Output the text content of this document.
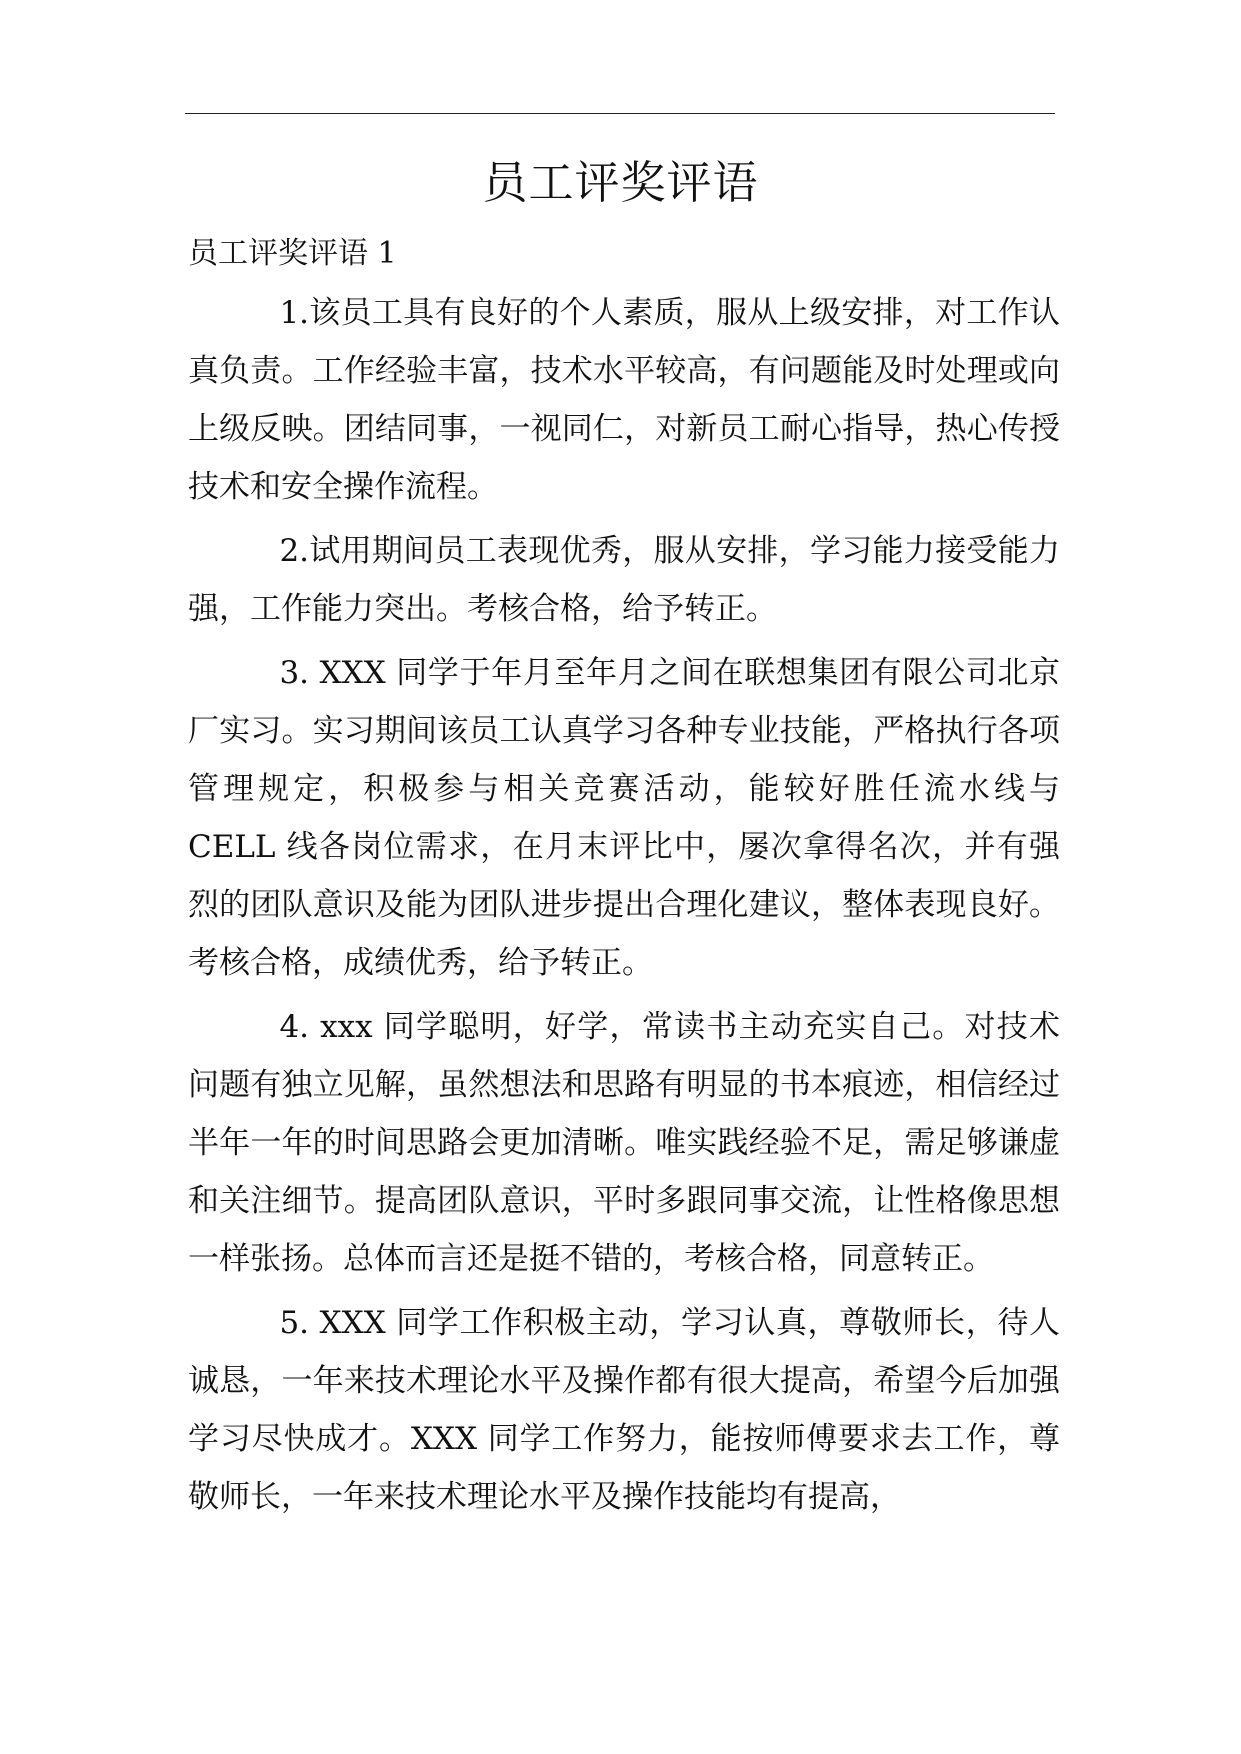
员工评奖评语

员工评奖评语 1

1.该员工具有良好的个人素质，服从上级安排，对工作认真负责。工作经验丰富，技术水平较高，有问题能及时处理或向上级反映。团结同事，一视同仁，对新员工耐心指导，热心传授技术和安全操作流程。

2.试用期间员工表现优秀，服从安排，学习能力接受能力强，工作能力突出。考核合格，给予转正。

3. XXX 同学于年月至年月之间在联想集团有限公司北京厂实习。实习期间该员工认真学习各种专业技能，严格执行各项管理规定，积极参与相关竞赛活动，能较好胜任流水线与 CELL 线各岗位需求，在月末评比中，屡次拿得名次，并有强烈的团队意识及能为团队进步提出合理化建议，整体表现良好。考核合格，成绩优秀，给予转正。

4. xxx 同学聪明，好学，常读书主动充实自己。对技术问题有独立见解，虽然想法和思路有明显的书本痕迹，相信经过半年一年的时间思路会更加清晰。唯实践经验不足，需足够谦虚和关注细节。提高团队意识，平时多跟同事交流，让性格像思想一样张扬。总体而言还是挺不错的，考核合格，同意转正。

5. XXX 同学工作积极主动，学习认真，尊敬师长，待人诚恳，一年来技术理论水平及操作都有很大提高，希望今后加强学习尽快成才。XXX 同学工作努力，能按师傅要求去工作，尊敬师长，一年来技术理论水平及操作技能均有提高，
